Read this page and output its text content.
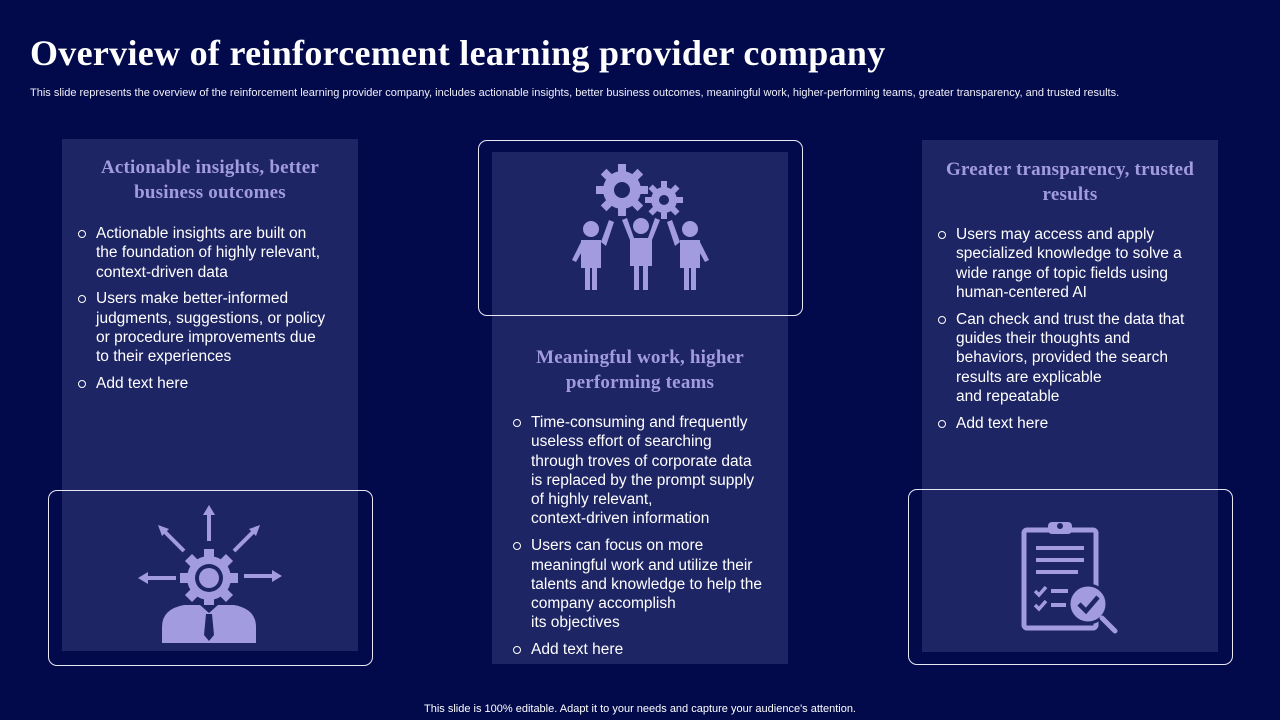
Overview of reinforcement learning provider company
This slide represents the overview of the reinforcement learning provider company, includes actionable insights, better business outcomes, meaningful work, higher-performing teams, greater transparency, and trusted results.
Actionable insights, better business outcomes
Actionable insights are built on
the foundation of highly relevant,
context-driven data
Users make better-informed
judgments, suggestions, or policy
or procedure improvements due
to their experiences
Add text here
Meaningful work, higher performing teams
Time-consuming and frequently
useless effort of searching
through troves of corporate data
is replaced by the prompt supply
of highly relevant,
context-driven information
Users can focus on more
meaningful work and utilize their
talents and knowledge to help the
company accomplish
its objectives
Add text here
Greater transparency, trusted results
Users may access and apply
specialized knowledge to solve a
wide range of topic fields using
human-centered AI
Can check and trust the data that
guides their thoughts and
behaviors, provided the search
results are explicable
and repeatable
Add text here
This slide is 100% editable. Adapt it to your needs and capture your audience's attention.
